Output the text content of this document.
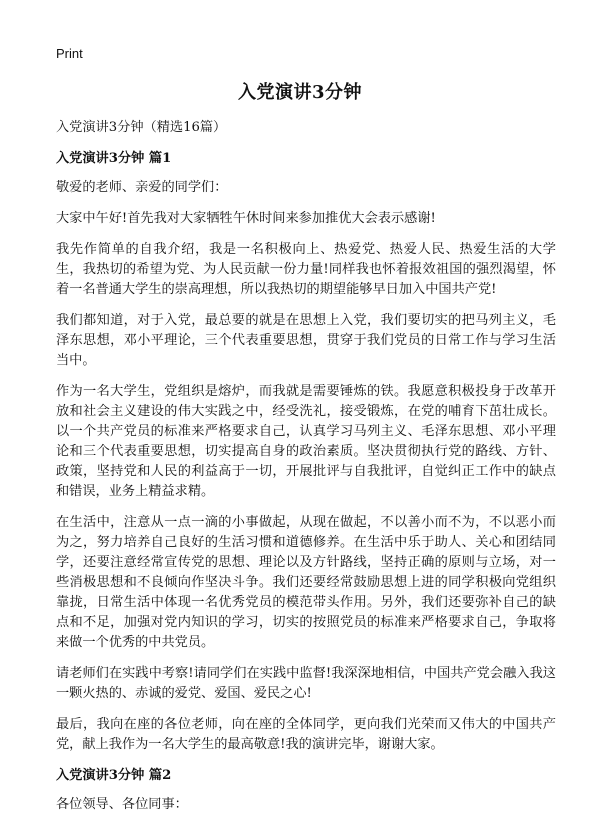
Print
入党演讲3分钟
入党演讲3分钟（精选16篇）
入党演讲3分钟 篇1

敬爱的老师、亲爱的同学们：

大家中午好!首先我对大家牺牲午休时间来参加推优大会表示感谢!

我先作简单的自我介绍，我是一名积极向上、热爱党、热爱人民、热爱生活的大学生，我热切的希望为党、为人民贡献一份力量!同样我也怀着报效祖国的强烈渴望，怀着一名普通大学生的崇高理想，所以我热切的期望能够早日加入中国共产党!

我们都知道，对于入党，最总要的就是在思想上入党，我们要切实的把马列主义，毛泽东思想，邓小平理论，三个代表重要思想，贯穿于我们党员的日常工作与学习生活当中。

作为一名大学生，党组织是熔炉，而我就是需要锤炼的铁。我愿意积极投身于改革开放和社会主义建设的伟大实践之中，经受洗礼，接受锻炼，在党的哺育下茁壮成长。以一个共产党员的标准来严格要求自己，认真学习马列主义、毛泽东思想、邓小平理论和三个代表重要思想，切实提高自身的政治素质。坚决贯彻执行党的路线、方针、政策，坚持党和人民的利益高于一切，开展批评与自我批评，自觉纠正工作中的缺点和错误，业务上精益求精。

在生活中，注意从一点一滴的小事做起，从现在做起，不以善小而不为，不以恶小而为之，努力培养自己良好的生活习惯和道德修养。在生活中乐于助人、关心和团结同学，还要注意经常宣传党的思想、理论以及方针路线，坚持正确的原则与立场，对一些消极思想和不良倾向作坚决斗争。我们还要经常鼓励思想上进的同学积极向党组织靠拢，日常生活中体现一名优秀党员的模范带头作用。另外，我们还要弥补自己的缺点和不足，加强对党内知识的学习，切实的按照党员的标准来严格要求自己，争取将来做一个优秀的中共党员。

请老师们在实践中考察!请同学们在实践中监督!我深深地相信，中国共产党会融入我这一颗火热的、赤诚的爱党、爱国、爱民之心!

最后，我向在座的各位老师，向在座的全体同学，更向我们光荣而又伟大的中国共产党，献上我作为一名大学生的最高敬意!我的演讲完毕，谢谢大家。

入党演讲3分钟 篇2

各位领导、各位同事：
